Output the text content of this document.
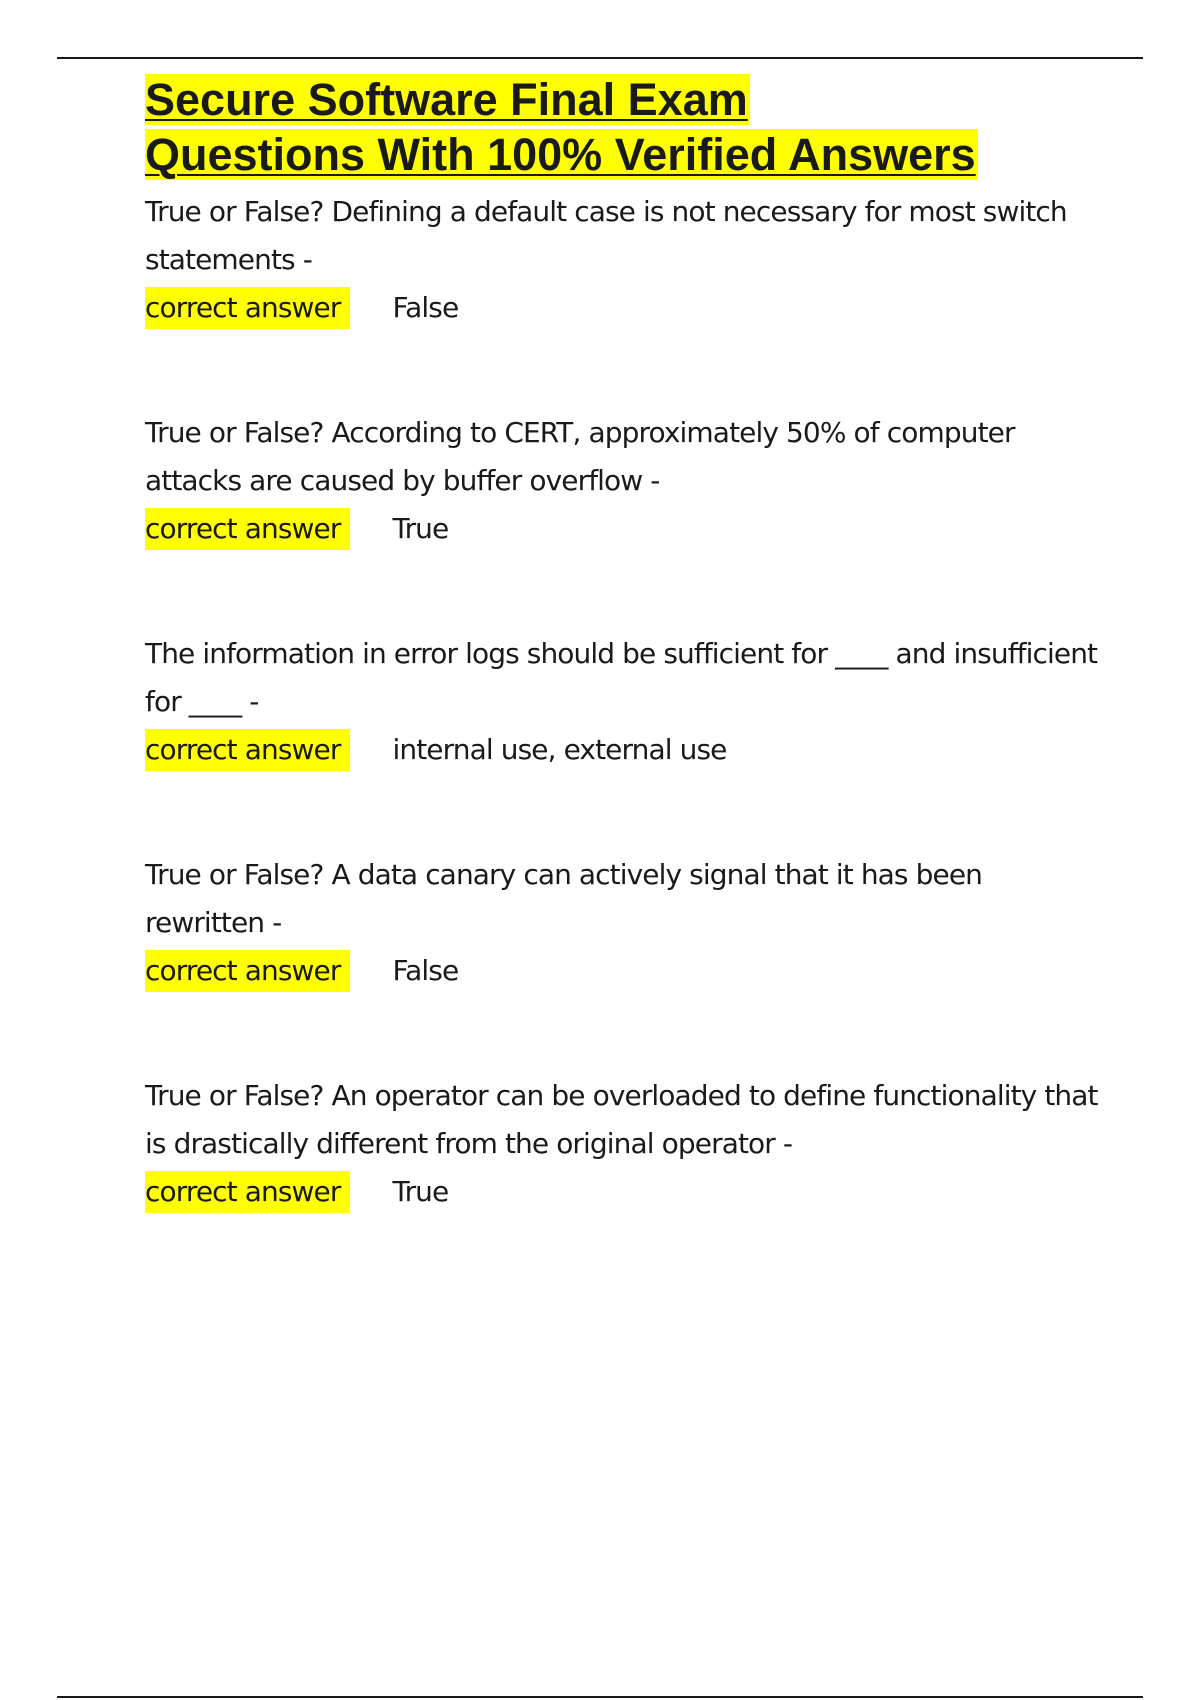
Secure Software Final Exam
Questions With 100% Verified Answers

True or False? Defining a default case is not necessary for most switch statements -

correct answer	False

True or False? According to CERT, approximately 50% of computer attacks are caused by buffer overflow -

correct answer	True

The information in error logs should be sufficient for ____ and insufficient for ____ -

correct answer	internal use, external use

True or False? A data canary can actively signal that it has been rewritten -

correct answer	False

True or False? An operator can be overloaded to define functionality that is drastically different from the original operator -

correct answer	True
